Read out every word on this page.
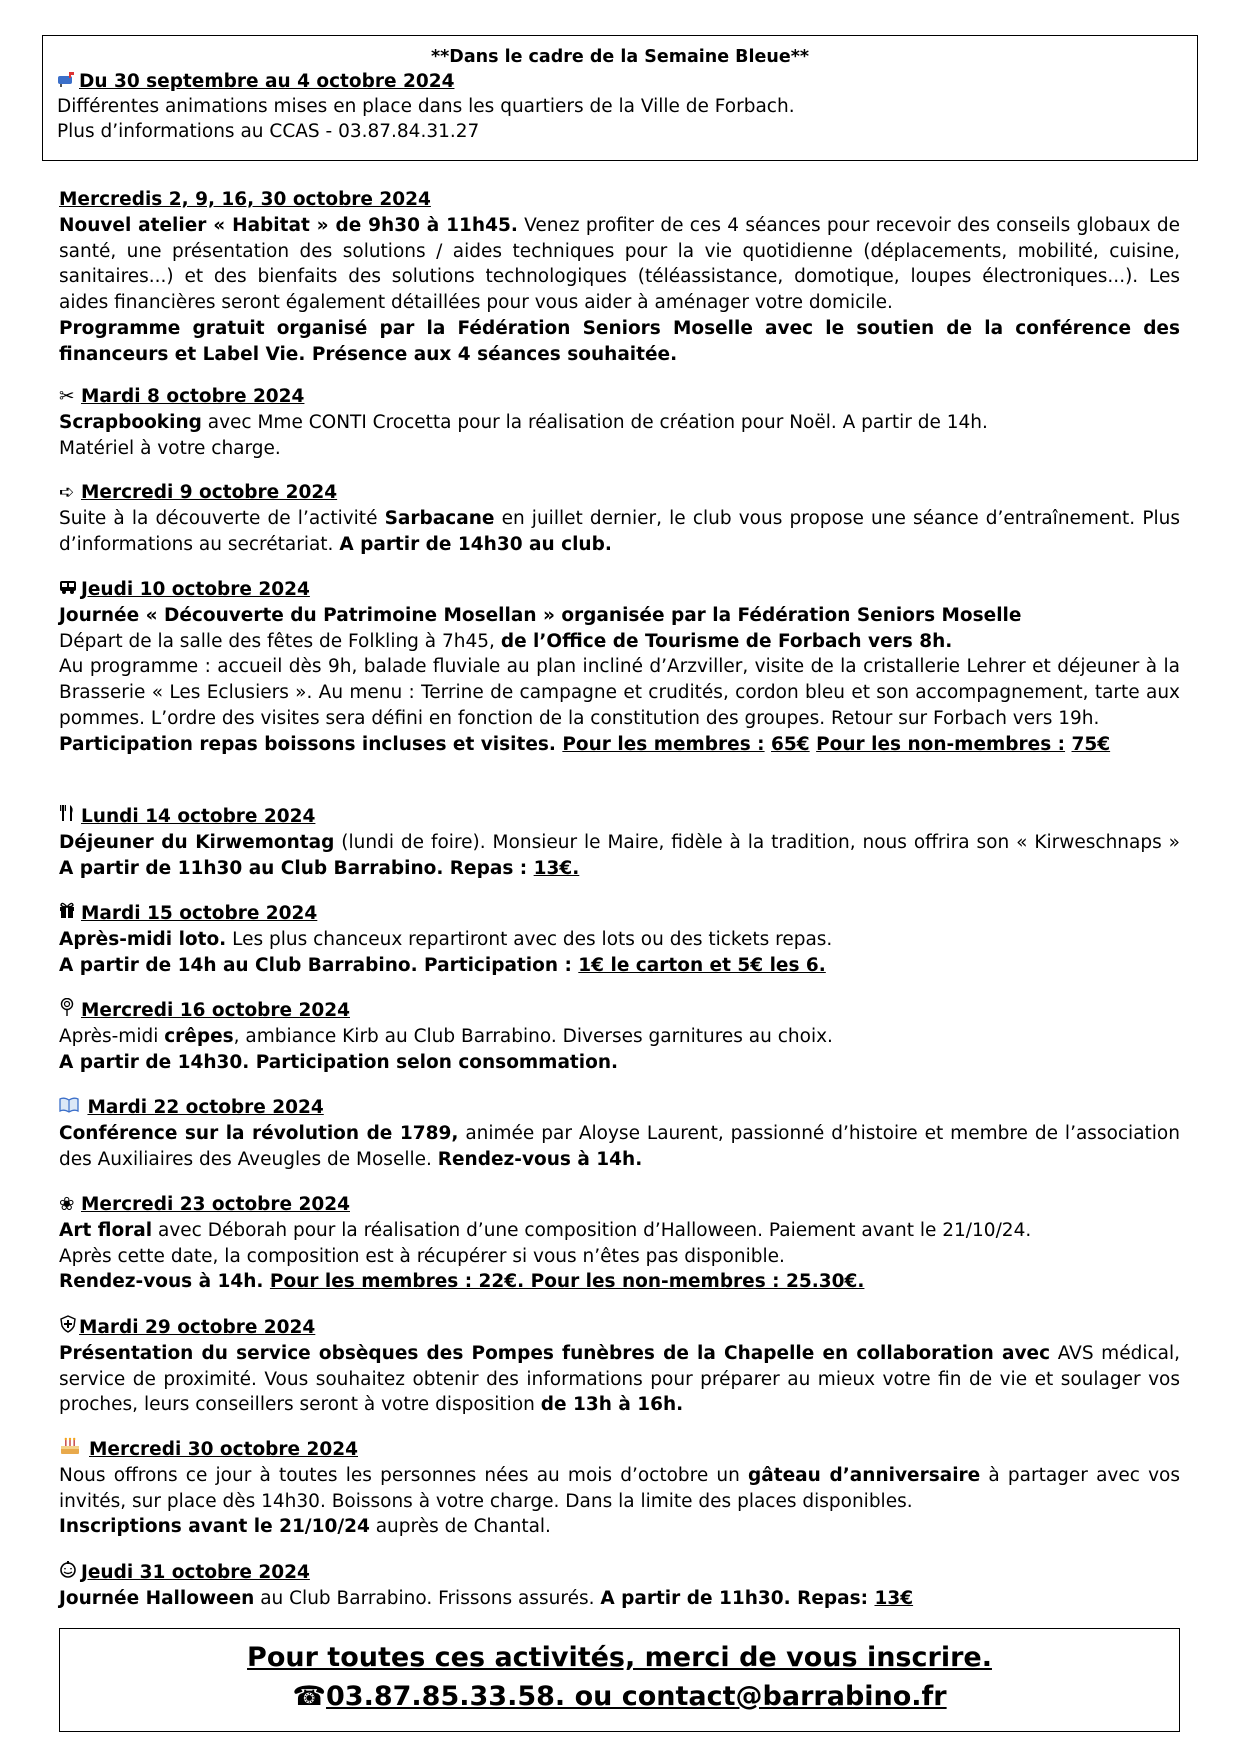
**Dans le cadre de la Semaine Bleue**
Du 30 septembre au 4 octobre 2024
Différentes animations mises en place dans les quartiers de la Ville de Forbach.
Plus d’informations au CCAS - 03.87.84.31.27
Mercredis 2, 9, 16, 30 octobre 2024

Nouvel atelier « Habitat » de 9h30 à 11h45. Venez profiter de ces 4 séances pour recevoir des conseils globaux de santé, une présentation des solutions / aides techniques pour la vie quotidienne (déplacements, mobilité, cuisine, sanitaires...) et des bienfaits des solutions technologiques (téléassistance, domotique, loupes électroniques...). Les aides financières seront également détaillées pour vous aider à aménager votre domicile.

Programme gratuit organisé par la Fédération Seniors Moselle avec le soutien de la conférence des financeurs et Label Vie. Présence aux 4 séances souhaitée.

✂ Mardi 8 octobre 2024

Scrapbooking avec Mme CONTI Crocetta pour la réalisation de création pour Noël. A partir de 14h.

Matériel à votre charge.

➪ Mercredi 9 octobre 2024

Suite à la découverte de l’activité Sarbacane en juillet dernier, le club vous propose une séance d’entraînement. Plus d’informations au secrétariat. A partir de 14h30 au club.

Jeudi 10 octobre 2024

Journée « Découverte du Patrimoine Mosellan » organisée par la Fédération Seniors Moselle

Départ de la salle des fêtes de Folkling à 7h45, de l’Office de Tourisme de Forbach vers 8h.

Au programme : accueil dès 9h, balade fluviale au plan incliné d’Arzviller, visite de la cristallerie Lehrer et déjeuner à la Brasserie « Les Eclusiers ». Au menu : Terrine de campagne et crudités, cordon bleu et son accompagnement, tarte aux pommes. L’ordre des visites sera défini en fonction de la constitution des groupes. Retour sur Forbach vers 19h.

Participation repas boissons incluses et visites. Pour les membres : 65€ Pour les non-membres : 75€

Lundi 14 octobre 2024

Déjeuner du Kirwemontag (lundi de foire). Monsieur le Maire, fidèle à la tradition, nous offrira son « Kirweschnaps » A partir de 11h30 au Club Barrabino. Repas : 13€.

Mardi 15 octobre 2024

Après-midi loto. Les plus chanceux repartiront avec des lots ou des tickets repas.

A partir de 14h au Club Barrabino. Participation : 1€ le carton et 5€ les 6.

Mercredi 16 octobre 2024

Après-midi crêpes, ambiance Kirb au Club Barrabino. Diverses garnitures au choix.

A partir de 14h30. Participation selon consommation.

Mardi 22 octobre 2024

Conférence sur la révolution de 1789, animée par Aloyse Laurent, passionné d’histoire et membre de l’association des Auxiliaires des Aveugles de Moselle. Rendez-vous à 14h.

❀ Mercredi 23 octobre 2024

Art floral avec Déborah pour la réalisation d’une composition d’Halloween. Paiement avant le 21/10/24.

Après cette date, la composition est à récupérer si vous n’êtes pas disponible.

Rendez-vous à 14h. Pour les membres : 22€. Pour les non-membres : 25.30€.

Mardi 29 octobre 2024

Présentation du service obsèques des Pompes funèbres de la Chapelle en collaboration avec AVS médical, service de proximité. Vous souhaitez obtenir des informations pour préparer au mieux votre fin de vie et soulager vos proches, leurs conseillers seront à votre disposition de 13h à 16h.

Mercredi 30 octobre 2024

Nous offrons ce jour à toutes les personnes nées au mois d’octobre un gâteau d’anniversaire à partager avec vos invités, sur place dès 14h30. Boissons à votre charge. Dans la limite des places disponibles.

Inscriptions avant le 21/10/24 auprès de Chantal.

Jeudi 31 octobre 2024

Journée Halloween au Club Barrabino. Frissons assurés. A partir de 11h30. Repas: 13€

Pour toutes ces activités, merci de vous inscrire.
☎03.87.85.33.58. ou contact@barrabino.fr
